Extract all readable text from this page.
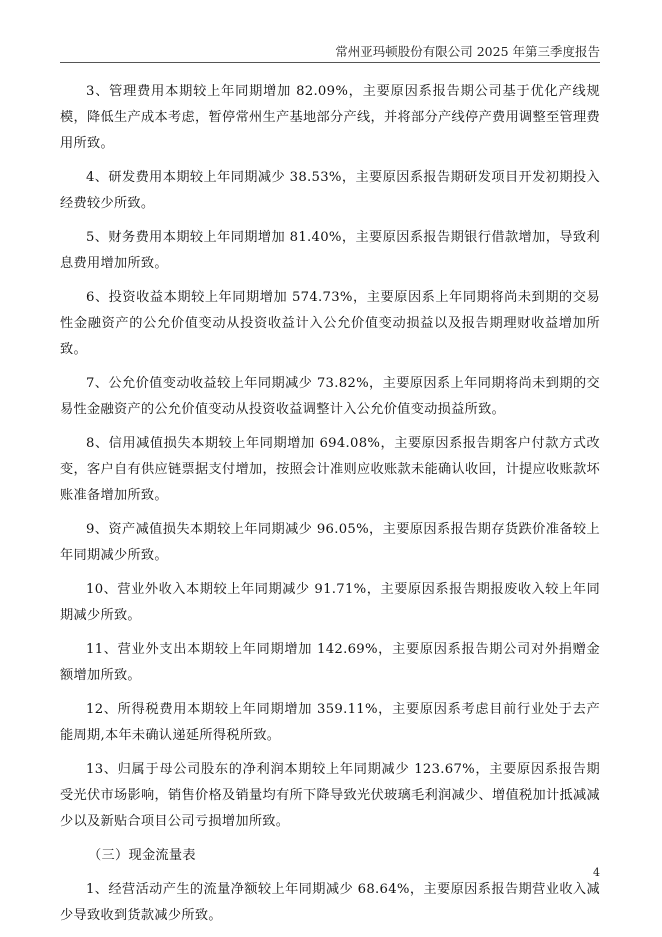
常州亚玛顿股份有限公司 2025 年第三季度报告

3、管理费用本期较上年同期增加 82.09%，主要原因系报告期公司基于优化产线规模，降低生产成本考虑，暂停常州生产基地部分产线，并将部分产线停产费用调整至管理费用所致。

4、研发费用本期较上年同期减少 38.53%，主要原因系报告期研发项目开发初期投入经费较少所致。

5、财务费用本期较上年同期增加 81.40%，主要原因系报告期银行借款增加，导致利息费用增加所致。

6、投资收益本期较上年同期增加 574.73%，主要原因系上年同期将尚未到期的交易性金融资产的公允价值变动从投资收益计入公允价值变动损益以及报告期理财收益增加所致。

7、公允价值变动收益较上年同期减少 73.82%，主要原因系上年同期将尚未到期的交易性金融资产的公允价值变动从投资收益调整计入公允价值变动损益所致。

8、信用减值损失本期较上年同期增加 694.08%，主要原因系报告期客户付款方式改变，客户自有供应链票据支付增加，按照会计准则应收账款未能确认收回，计提应收账款坏账准备增加所致。

9、资产减值损失本期较上年同期减少 96.05%，主要原因系报告期存货跌价准备较上年同期减少所致。

10、营业外收入本期较上年同期减少 91.71%，主要原因系报告期报废收入较上年同期减少所致。

11、营业外支出本期较上年同期增加 142.69%，主要原因系报告期公司对外捐赠金额增加所致。

12、所得税费用本期较上年同期增加 359.11%，主要原因系考虑目前行业处于去产能周期,本年未确认递延所得税所致。

13、归属于母公司股东的净利润本期较上年同期减少 123.67%，主要原因系报告期受光伏市场影响，销售价格及销量均有所下降导致光伏玻璃毛利润减少、增值税加计抵减减少以及新贴合项目公司亏损增加所致。

（三）现金流量表

1、经营活动产生的流量净额较上年同期减少 68.64%，主要原因系报告期营业收入减少导致收到货款减少所致。

4
